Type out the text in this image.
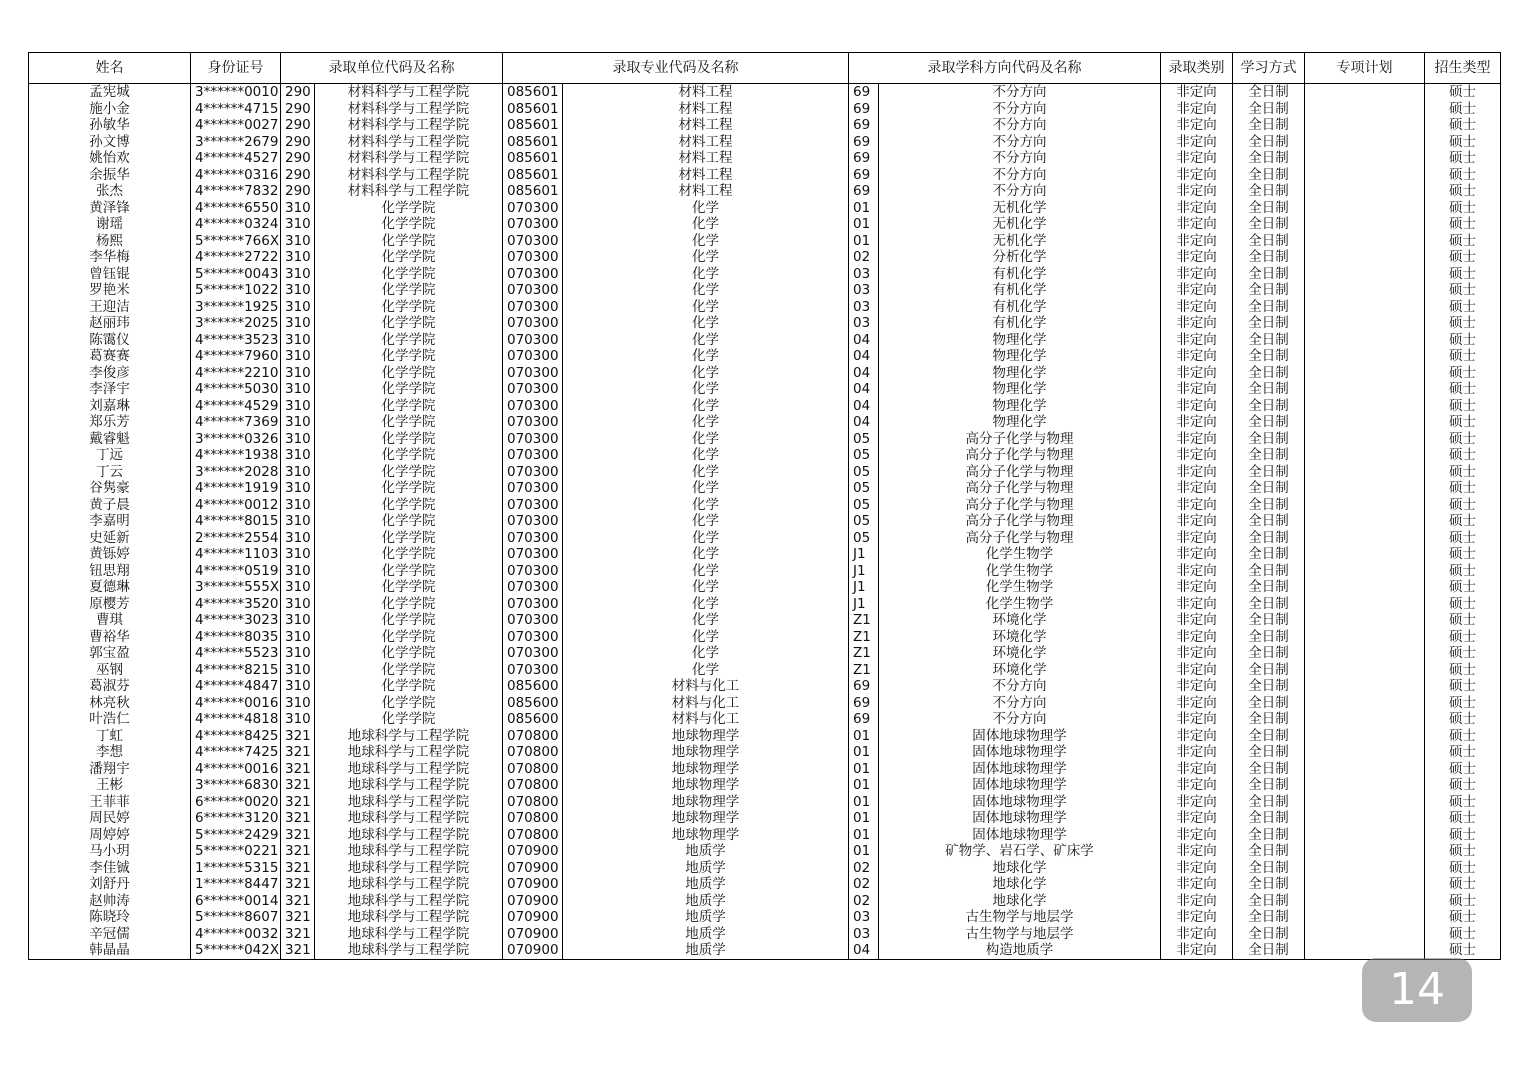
姓名	身份证号	录取单位代码及名称		录取专业代码及名称		录取学科方向代码及名称		录取类别	学习方式	专项计划	招生类型
孟宪城	3******0010	290	材料科学与工程学院	085601	材料工程	69	不分方向	非定向	全日制		硕士
施小金	4******4715	290	材料科学与工程学院	085601	材料工程	69	不分方向	非定向	全日制		硕士
孙敏华	4******0027	290	材料科学与工程学院	085601	材料工程	69	不分方向	非定向	全日制		硕士
孙文博	3******2679	290	材料科学与工程学院	085601	材料工程	69	不分方向	非定向	全日制		硕士
姚怡欢	4******4527	290	材料科学与工程学院	085601	材料工程	69	不分方向	非定向	全日制		硕士
余振华	4******0316	290	材料科学与工程学院	085601	材料工程	69	不分方向	非定向	全日制		硕士
张杰	4******7832	290	材料科学与工程学院	085601	材料工程	69	不分方向	非定向	全日制		硕士
黄泽锋	4******6550	310	化学学院	070300	化学	01	无机化学	非定向	全日制		硕士
谢瑶	4******0324	310	化学学院	070300	化学	01	无机化学	非定向	全日制		硕士
杨熙	5******766X	310	化学学院	070300	化学	01	无机化学	非定向	全日制		硕士
李华梅	4******2722	310	化学学院	070300	化学	02	分析化学	非定向	全日制		硕士
曾钰锟	5******0043	310	化学学院	070300	化学	03	有机化学	非定向	全日制		硕士
罗艳米	5******1022	310	化学学院	070300	化学	03	有机化学	非定向	全日制		硕士
王迎洁	3******1925	310	化学学院	070300	化学	03	有机化学	非定向	全日制		硕士
赵丽玮	3******2025	310	化学学院	070300	化学	03	有机化学	非定向	全日制		硕士
陈霭仪	4******3523	310	化学学院	070300	化学	04	物理化学	非定向	全日制		硕士
葛赛赛	4******7960	310	化学学院	070300	化学	04	物理化学	非定向	全日制		硕士
李俊彦	4******2210	310	化学学院	070300	化学	04	物理化学	非定向	全日制		硕士
李泽宇	4******5030	310	化学学院	070300	化学	04	物理化学	非定向	全日制		硕士
刘嘉琳	4******4529	310	化学学院	070300	化学	04	物理化学	非定向	全日制		硕士
郑乐芳	4******7369	310	化学学院	070300	化学	04	物理化学	非定向	全日制		硕士
戴睿魁	3******0326	310	化学学院	070300	化学	05	高分子化学与物理	非定向	全日制		硕士
丁远	4******1938	310	化学学院	070300	化学	05	高分子化学与物理	非定向	全日制		硕士
丁云	3******2028	310	化学学院	070300	化学	05	高分子化学与物理	非定向	全日制		硕士
谷隽豪	4******1919	310	化学学院	070300	化学	05	高分子化学与物理	非定向	全日制		硕士
黄子晨	4******0012	310	化学学院	070300	化学	05	高分子化学与物理	非定向	全日制		硕士
李嘉明	4******8015	310	化学学院	070300	化学	05	高分子化学与物理	非定向	全日制		硕士
史延新	2******2554	310	化学学院	070300	化学	05	高分子化学与物理	非定向	全日制		硕士
黄铄婷	4******1103	310	化学学院	070300	化学	J1	化学生物学	非定向	全日制		硕士
钮思翔	4******0519	310	化学学院	070300	化学	J1	化学生物学	非定向	全日制		硕士
夏德琳	3******555X	310	化学学院	070300	化学	J1	化学生物学	非定向	全日制		硕士
原樱芳	4******3520	310	化学学院	070300	化学	J1	化学生物学	非定向	全日制		硕士
曹琪	4******3023	310	化学学院	070300	化学	Z1	环境化学	非定向	全日制		硕士
曹裕华	4******8035	310	化学学院	070300	化学	Z1	环境化学	非定向	全日制		硕士
郭宝盈	4******5523	310	化学学院	070300	化学	Z1	环境化学	非定向	全日制		硕士
巫钢	4******8215	310	化学学院	070300	化学	Z1	环境化学	非定向	全日制		硕士
葛淑芬	4******4847	310	化学学院	085600	材料与化工	69	不分方向	非定向	全日制		硕士
林亮秋	4******0016	310	化学学院	085600	材料与化工	69	不分方向	非定向	全日制		硕士
叶浩仁	4******4818	310	化学学院	085600	材料与化工	69	不分方向	非定向	全日制		硕士
丁虹	4******8425	321	地球科学与工程学院	070800	地球物理学	01	固体地球物理学	非定向	全日制		硕士
李想	4******7425	321	地球科学与工程学院	070800	地球物理学	01	固体地球物理学	非定向	全日制		硕士
潘翔宇	4******0016	321	地球科学与工程学院	070800	地球物理学	01	固体地球物理学	非定向	全日制		硕士
王彬	3******6830	321	地球科学与工程学院	070800	地球物理学	01	固体地球物理学	非定向	全日制		硕士
王菲菲	6******0020	321	地球科学与工程学院	070800	地球物理学	01	固体地球物理学	非定向	全日制		硕士
周民婷	6******3120	321	地球科学与工程学院	070800	地球物理学	01	固体地球物理学	非定向	全日制		硕士
周婷婷	5******2429	321	地球科学与工程学院	070800	地球物理学	01	固体地球物理学	非定向	全日制		硕士
马小玥	5******0221	321	地球科学与工程学院	070900	地质学	01	矿物学、岩石学、矿床学	非定向	全日制		硕士
李佳铖	1******5315	321	地球科学与工程学院	070900	地质学	02	地球化学	非定向	全日制		硕士
刘舒丹	1******8447	321	地球科学与工程学院	070900	地质学	02	地球化学	非定向	全日制		硕士
赵帅涛	6******0014	321	地球科学与工程学院	070900	地质学	02	地球化学	非定向	全日制		硕士
陈晓玲	5******8607	321	地球科学与工程学院	070900	地质学	03	古生物学与地层学	非定向	全日制		硕士
辛冠儒	4******0032	321	地球科学与工程学院	070900	地质学	03	古生物学与地层学	非定向	全日制		硕士
韩晶晶	5******042X	321	地球科学与工程学院	070900	地质学	04	构造地质学	非定向	全日制		硕士
14
